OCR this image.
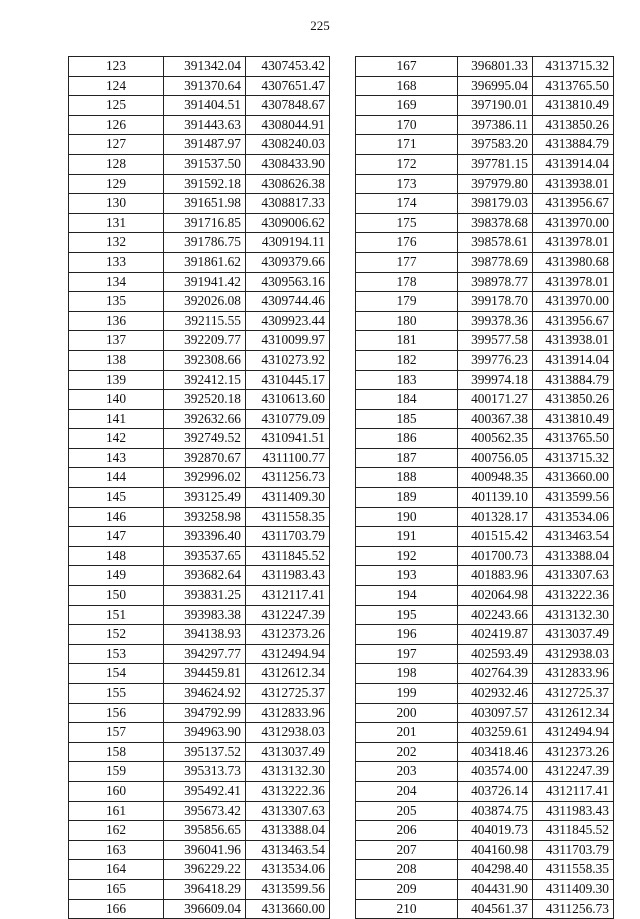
225
123	391342.04	4307453.42
124	391370.64	4307651.47
125	391404.51	4307848.67
126	391443.63	4308044.91
127	391487.97	4308240.03
128	391537.50	4308433.90
129	391592.18	4308626.38
130	391651.98	4308817.33
131	391716.85	4309006.62
132	391786.75	4309194.11
133	391861.62	4309379.66
134	391941.42	4309563.16
135	392026.08	4309744.46
136	392115.55	4309923.44
137	392209.77	4310099.97
138	392308.66	4310273.92
139	392412.15	4310445.17
140	392520.18	4310613.60
141	392632.66	4310779.09
142	392749.52	4310941.51
143	392870.67	4311100.77
144	392996.02	4311256.73
145	393125.49	4311409.30
146	393258.98	4311558.35
147	393396.40	4311703.79
148	393537.65	4311845.52
149	393682.64	4311983.43
150	393831.25	4312117.41
151	393983.38	4312247.39
152	394138.93	4312373.26
153	394297.77	4312494.94
154	394459.81	4312612.34
155	394624.92	4312725.37
156	394792.99	4312833.96
157	394963.90	4312938.03
158	395137.52	4313037.49
159	395313.73	4313132.30
160	395492.41	4313222.36
161	395673.42	4313307.63
162	395856.65	4313388.04
163	396041.96	4313463.54
164	396229.22	4313534.06
165	396418.29	4313599.56
166	396609.04	4313660.00
167	396801.33	4313715.32
168	396995.04	4313765.50
169	397190.01	4313810.49
170	397386.11	4313850.26
171	397583.20	4313884.79
172	397781.15	4313914.04
173	397979.80	4313938.01
174	398179.03	4313956.67
175	398378.68	4313970.00
176	398578.61	4313978.01
177	398778.69	4313980.68
178	398978.77	4313978.01
179	399178.70	4313970.00
180	399378.36	4313956.67
181	399577.58	4313938.01
182	399776.23	4313914.04
183	399974.18	4313884.79
184	400171.27	4313850.26
185	400367.38	4313810.49
186	400562.35	4313765.50
187	400756.05	4313715.32
188	400948.35	4313660.00
189	401139.10	4313599.56
190	401328.17	4313534.06
191	401515.42	4313463.54
192	401700.73	4313388.04
193	401883.96	4313307.63
194	402064.98	4313222.36
195	402243.66	4313132.30
196	402419.87	4313037.49
197	402593.49	4312938.03
198	402764.39	4312833.96
199	402932.46	4312725.37
200	403097.57	4312612.34
201	403259.61	4312494.94
202	403418.46	4312373.26
203	403574.00	4312247.39
204	403726.14	4312117.41
205	403874.75	4311983.43
206	404019.73	4311845.52
207	404160.98	4311703.79
208	404298.40	4311558.35
209	404431.90	4311409.30
210	404561.37	4311256.73
